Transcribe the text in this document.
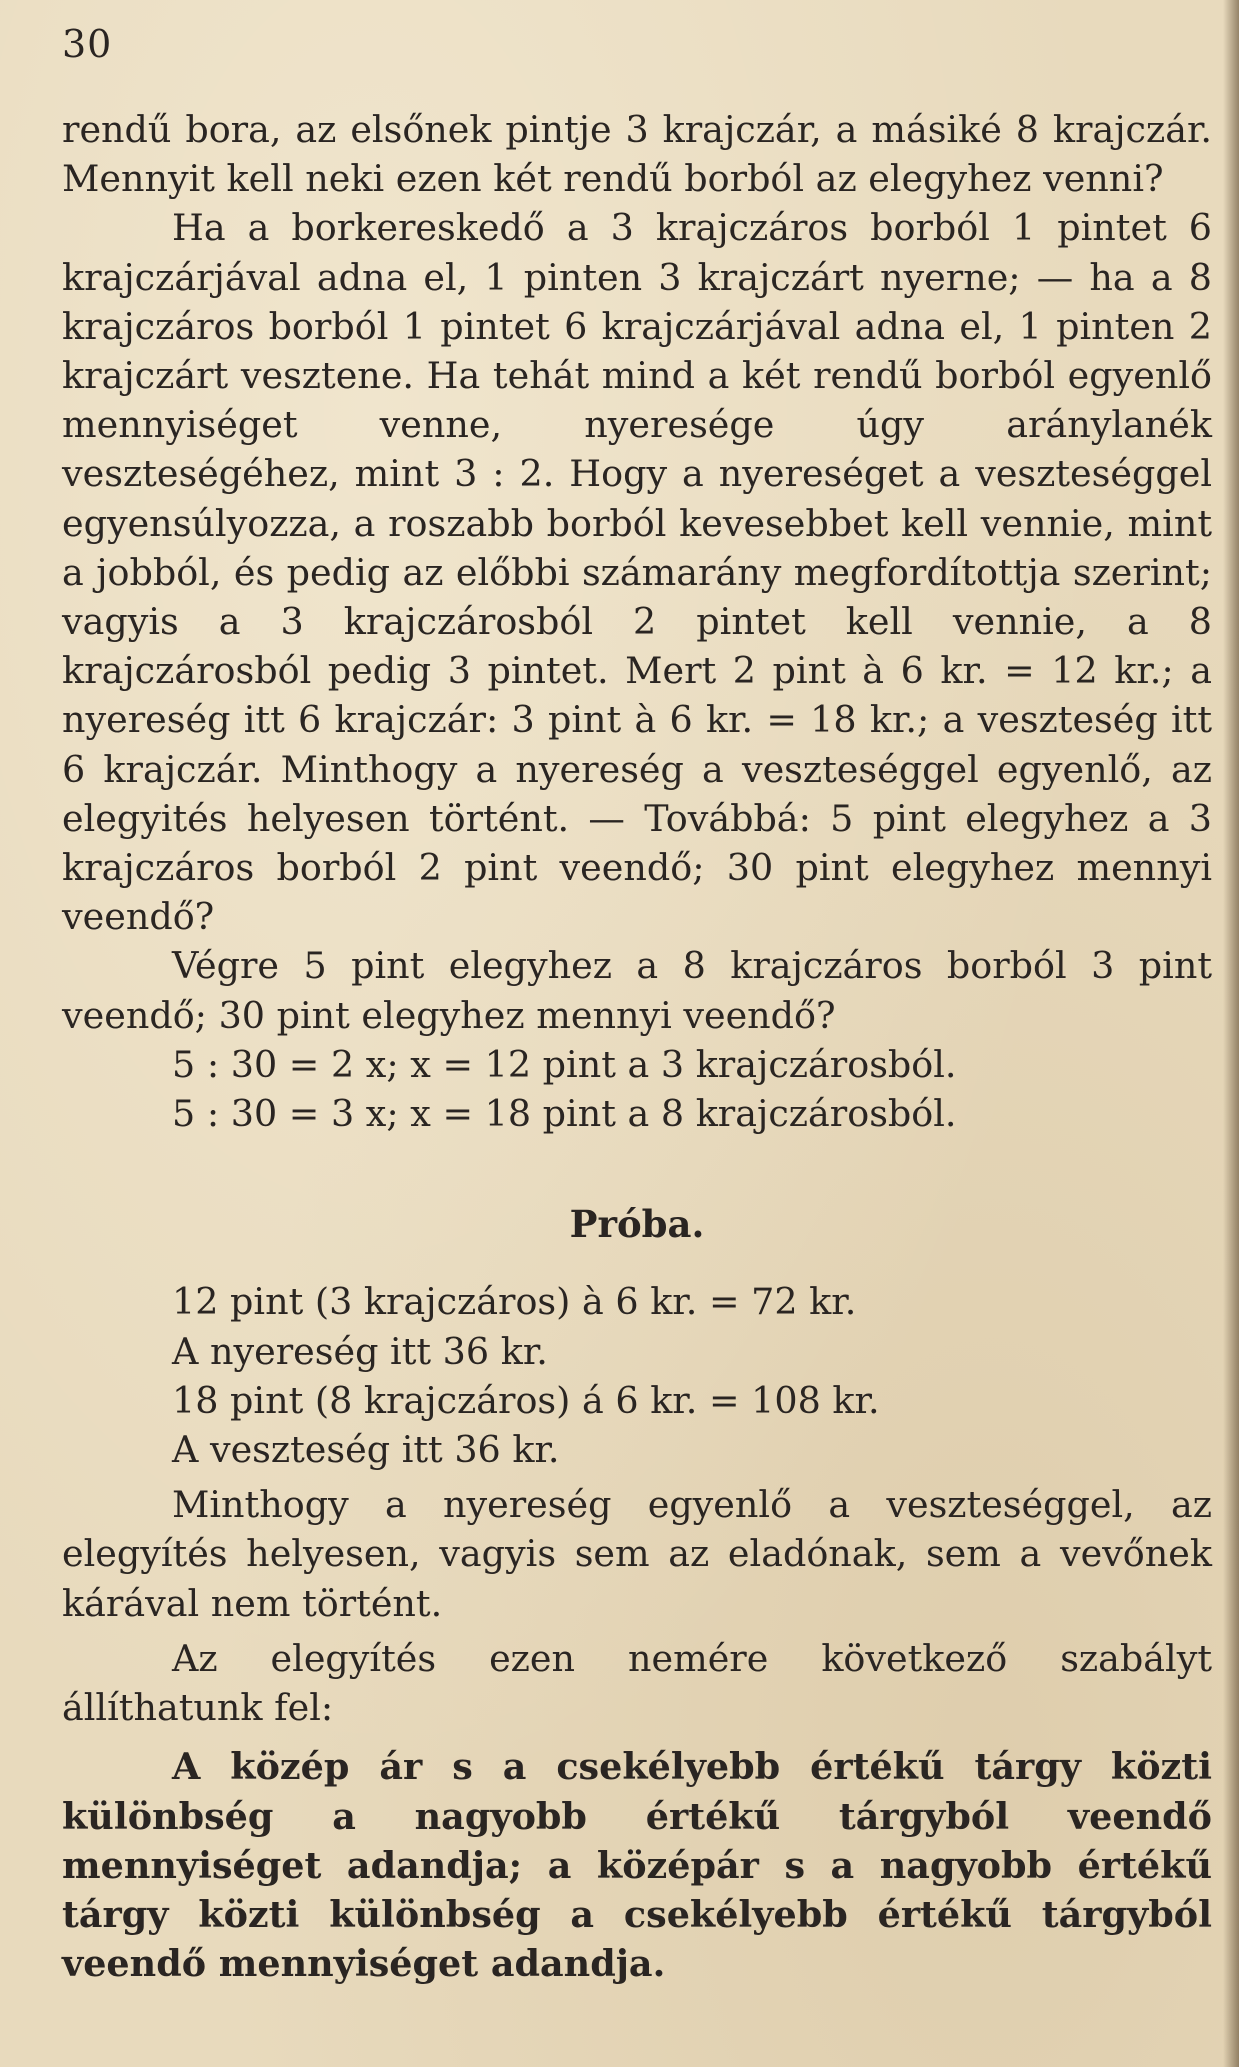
30

rendű bora, az elsőnek pintje 3 krajczár, a másiké 8 krajczár. Mennyit kell neki ezen két rendű borból az elegyhez venni?

Ha a borkereskedő a 3 krajczáros borból 1 pintet 6 krajczárjával adna el, 1 pinten 3 krajczárt nyerne; — ha a 8 krajczáros borból 1 pintet 6 krajczárjával adna el, 1 pinten 2 krajczárt vesztene. Ha tehát mind a két rendű borból egyenlő mennyiséget venne, nyeresége úgy aránylanék veszteségéhez, mint 3 : 2. Hogy a nyereséget a veszteséggel egyensúlyozza, a roszabb borból kevesebbet kell vennie, mint a jobból, és pedig az előbbi számarány megfordítottja szerint; vagyis a 3 krajczárosból 2 pintet kell vennie, a 8 krajczárosból pedig 3 pintet. Mert 2 pint à 6 kr. = 12 kr.; a nyereség itt 6 krajczár: 3 pint à 6 kr. = 18 kr.; a veszteség itt 6 krajczár. Minthogy a nyereség a veszteséggel egyenlő, az elegyités helyesen történt. — Továbbá: 5 pint elegyhez a 3 krajczáros borból 2 pint veendő; 30 pint elegyhez mennyi veendő?

Végre 5 pint elegyhez a 8 krajczáros borból 3 pint veendő; 30 pint elegyhez mennyi veendő?

5 : 30 = 2 x; x = 12 pint a 3 krajczárosból.

5 : 30 = 3 x; x = 18 pint a 8 krajczárosból.

Próba.

12 pint (3 krajczáros) à 6 kr. = 72 kr.

A nyereség itt 36 kr.

18 pint (8 krajczáros) á 6 kr. = 108 kr.

A veszteség itt 36 kr.

Minthogy a nyereség egyenlő a veszteséggel, az elegyítés helyesen, vagyis sem az eladónak, sem a vevőnek kárával nem történt.

Az elegyítés ezen nemére következő szabályt állíthatunk fel:

A közép ár s a csekélyebb értékű tárgy közti különbség a nagyobb értékű tárgyból veendő mennyiséget adandja; a középár s a nagyobb értékű tárgy közti különbség a csekélyebb értékű tárgyból veendő mennyiséget adandja.
